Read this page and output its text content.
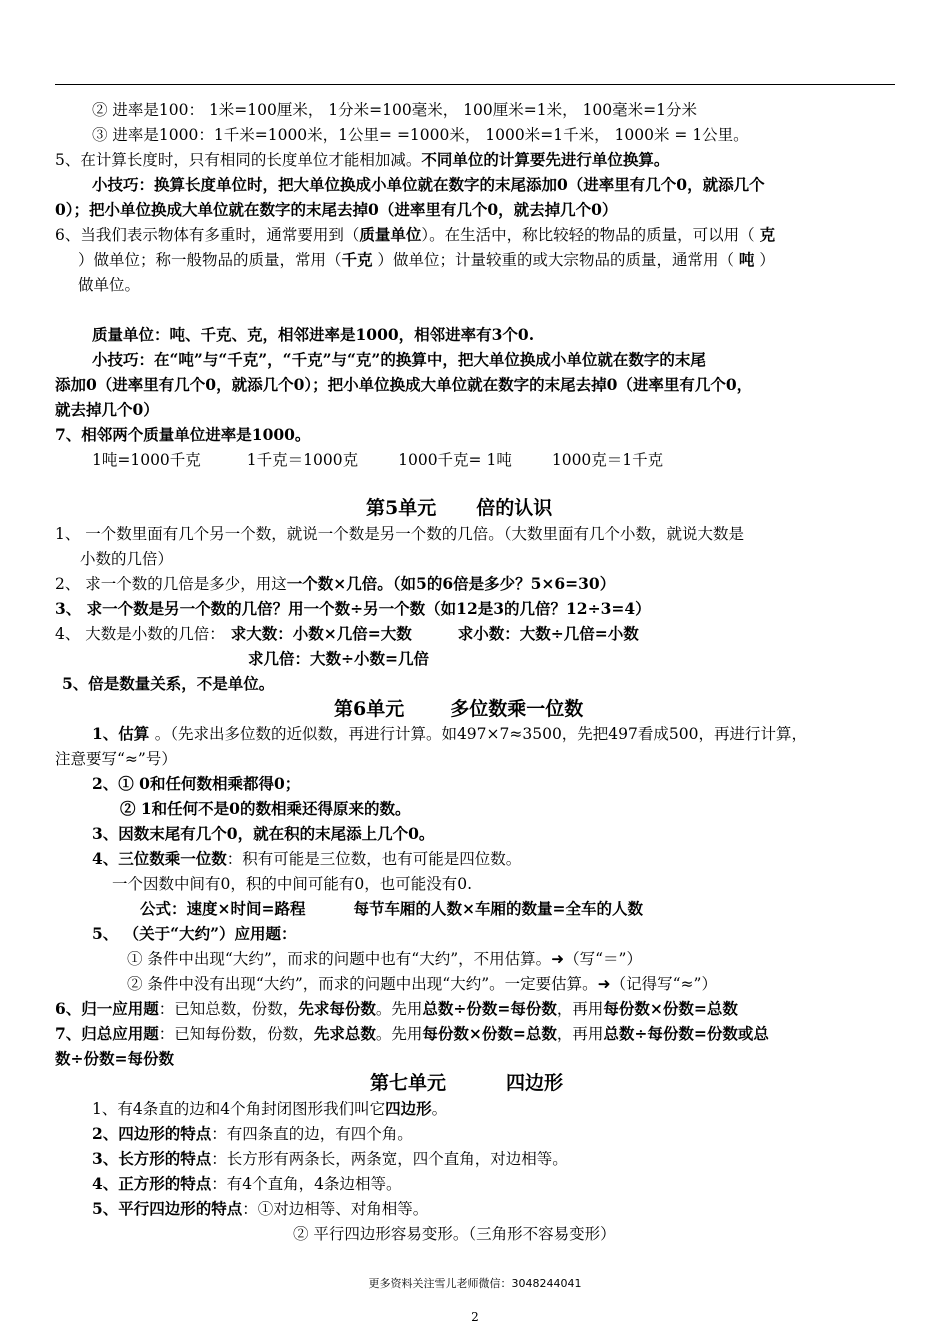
② 进率是100： 1米=100厘米， 1分米=100毫米， 100厘米=1米， 100毫米=1分米
③ 进率是1000：1千米=1000米，1公里= =1000米， 1000米=1千米， 1000米 = 1公里。
5、在计算长度时，只有相同的长度单位才能相加减。不同单位的计算要先进行单位换算。
小技巧：换算长度单位时，把大单位换成小单位就在数字的末尾添加0（进率里有几个0，就添几个
0）；把小单位换成大单位就在数字的末尾去掉0（进率里有几个0，就去掉几个0）
6、当我们表示物体有多重时，通常要用到（质量单位）。在生活中，称比较轻的物品的质量，可以用（ 克
）做单位；称一般物品的质量，常用（千克 ）做单位；计量较重的或大宗物品的质量，通常用（ 吨 ）
做单位。
质量单位：吨、千克、克，相邻进率是1000，相邻进率有3个0.
小技巧：在“吨”与“千克”，“千克”与“克”的换算中，把大单位换成小单位就在数字的末尾
添加0（进率里有几个0，就添几个0）；把小单位换成大单位就在数字的末尾去掉0（进率里有几个0，
就去掉几个0）
7、相邻两个质量单位进率是1000。
1吨=1000千克	1千克＝1000克	1000千克= 1吨	1000克＝1千克
第5单元 倍的认识
1、 一个数里面有几个另一个数，就说一个数是另一个数的几倍。（大数里面有几个小数，就说大数是
小数的几倍）
2、 求一个数的几倍是多少，用这一个数×几倍。（如5的6倍是多少？5×6=30）
3、 求一个数是另一个数的几倍？用一个数÷另一个数（如12是3的几倍？12÷3=4）
4、 大数是小数的几倍： 求大数：小数×几倍=大数	求小数：大数÷几倍=小数
求几倍：大数÷小数=几倍
5、倍是数量关系，不是单位。
第6单元 多位数乘一位数
1、估算 。（先求出多位数的近似数，再进行计算。如497×7≈3500，先把497看成500，再进行计算，
注意要写“≈”号）
2、① 0和任何数相乘都得0；
② 1和任何不是0的数相乘还得原来的数。
3、因数末尾有几个0，就在积的末尾添上几个0。
4、三位数乘一位数：积有可能是三位数，也有可能是四位数。
一个因数中间有0，积的中间可能有0，也可能没有0.
公式：速度×时间=路程	每节车厢的人数×车厢的数量=全车的人数
5、 （关于“大约”）应用题：
① 条件中出现“大约”，而求的问题中也有“大约”，不用估算。➜（写“＝”）
② 条件中没有出现“大约”，而求的问题中出现“大约”。一定要估算。➜（记得写“≈”）
6、归一应用题：已知总数，份数，先求每份数。先用总数÷份数=每份数，再用每份数×份数=总数
7、归总应用题：已知每份数，份数，先求总数。先用每份数×份数=总数，再用总数÷每份数=份数或总
数÷份数=每份数
第七单元	四边形
1、有4条直的边和4个角封闭图形我们叫它四边形。
2、四边形的特点：有四条直的边，有四个角。
3、长方形的特点：长方形有两条长，两条宽，四个直角，对边相等。
4、正方形的特点：有4个直角，4条边相等。
5、平行四边形的特点：①对边相等、对角相等。
② 平行四边形容易变形。（三角形不容易变形）
更多资料关注雪儿老师微信：3048244041
2
